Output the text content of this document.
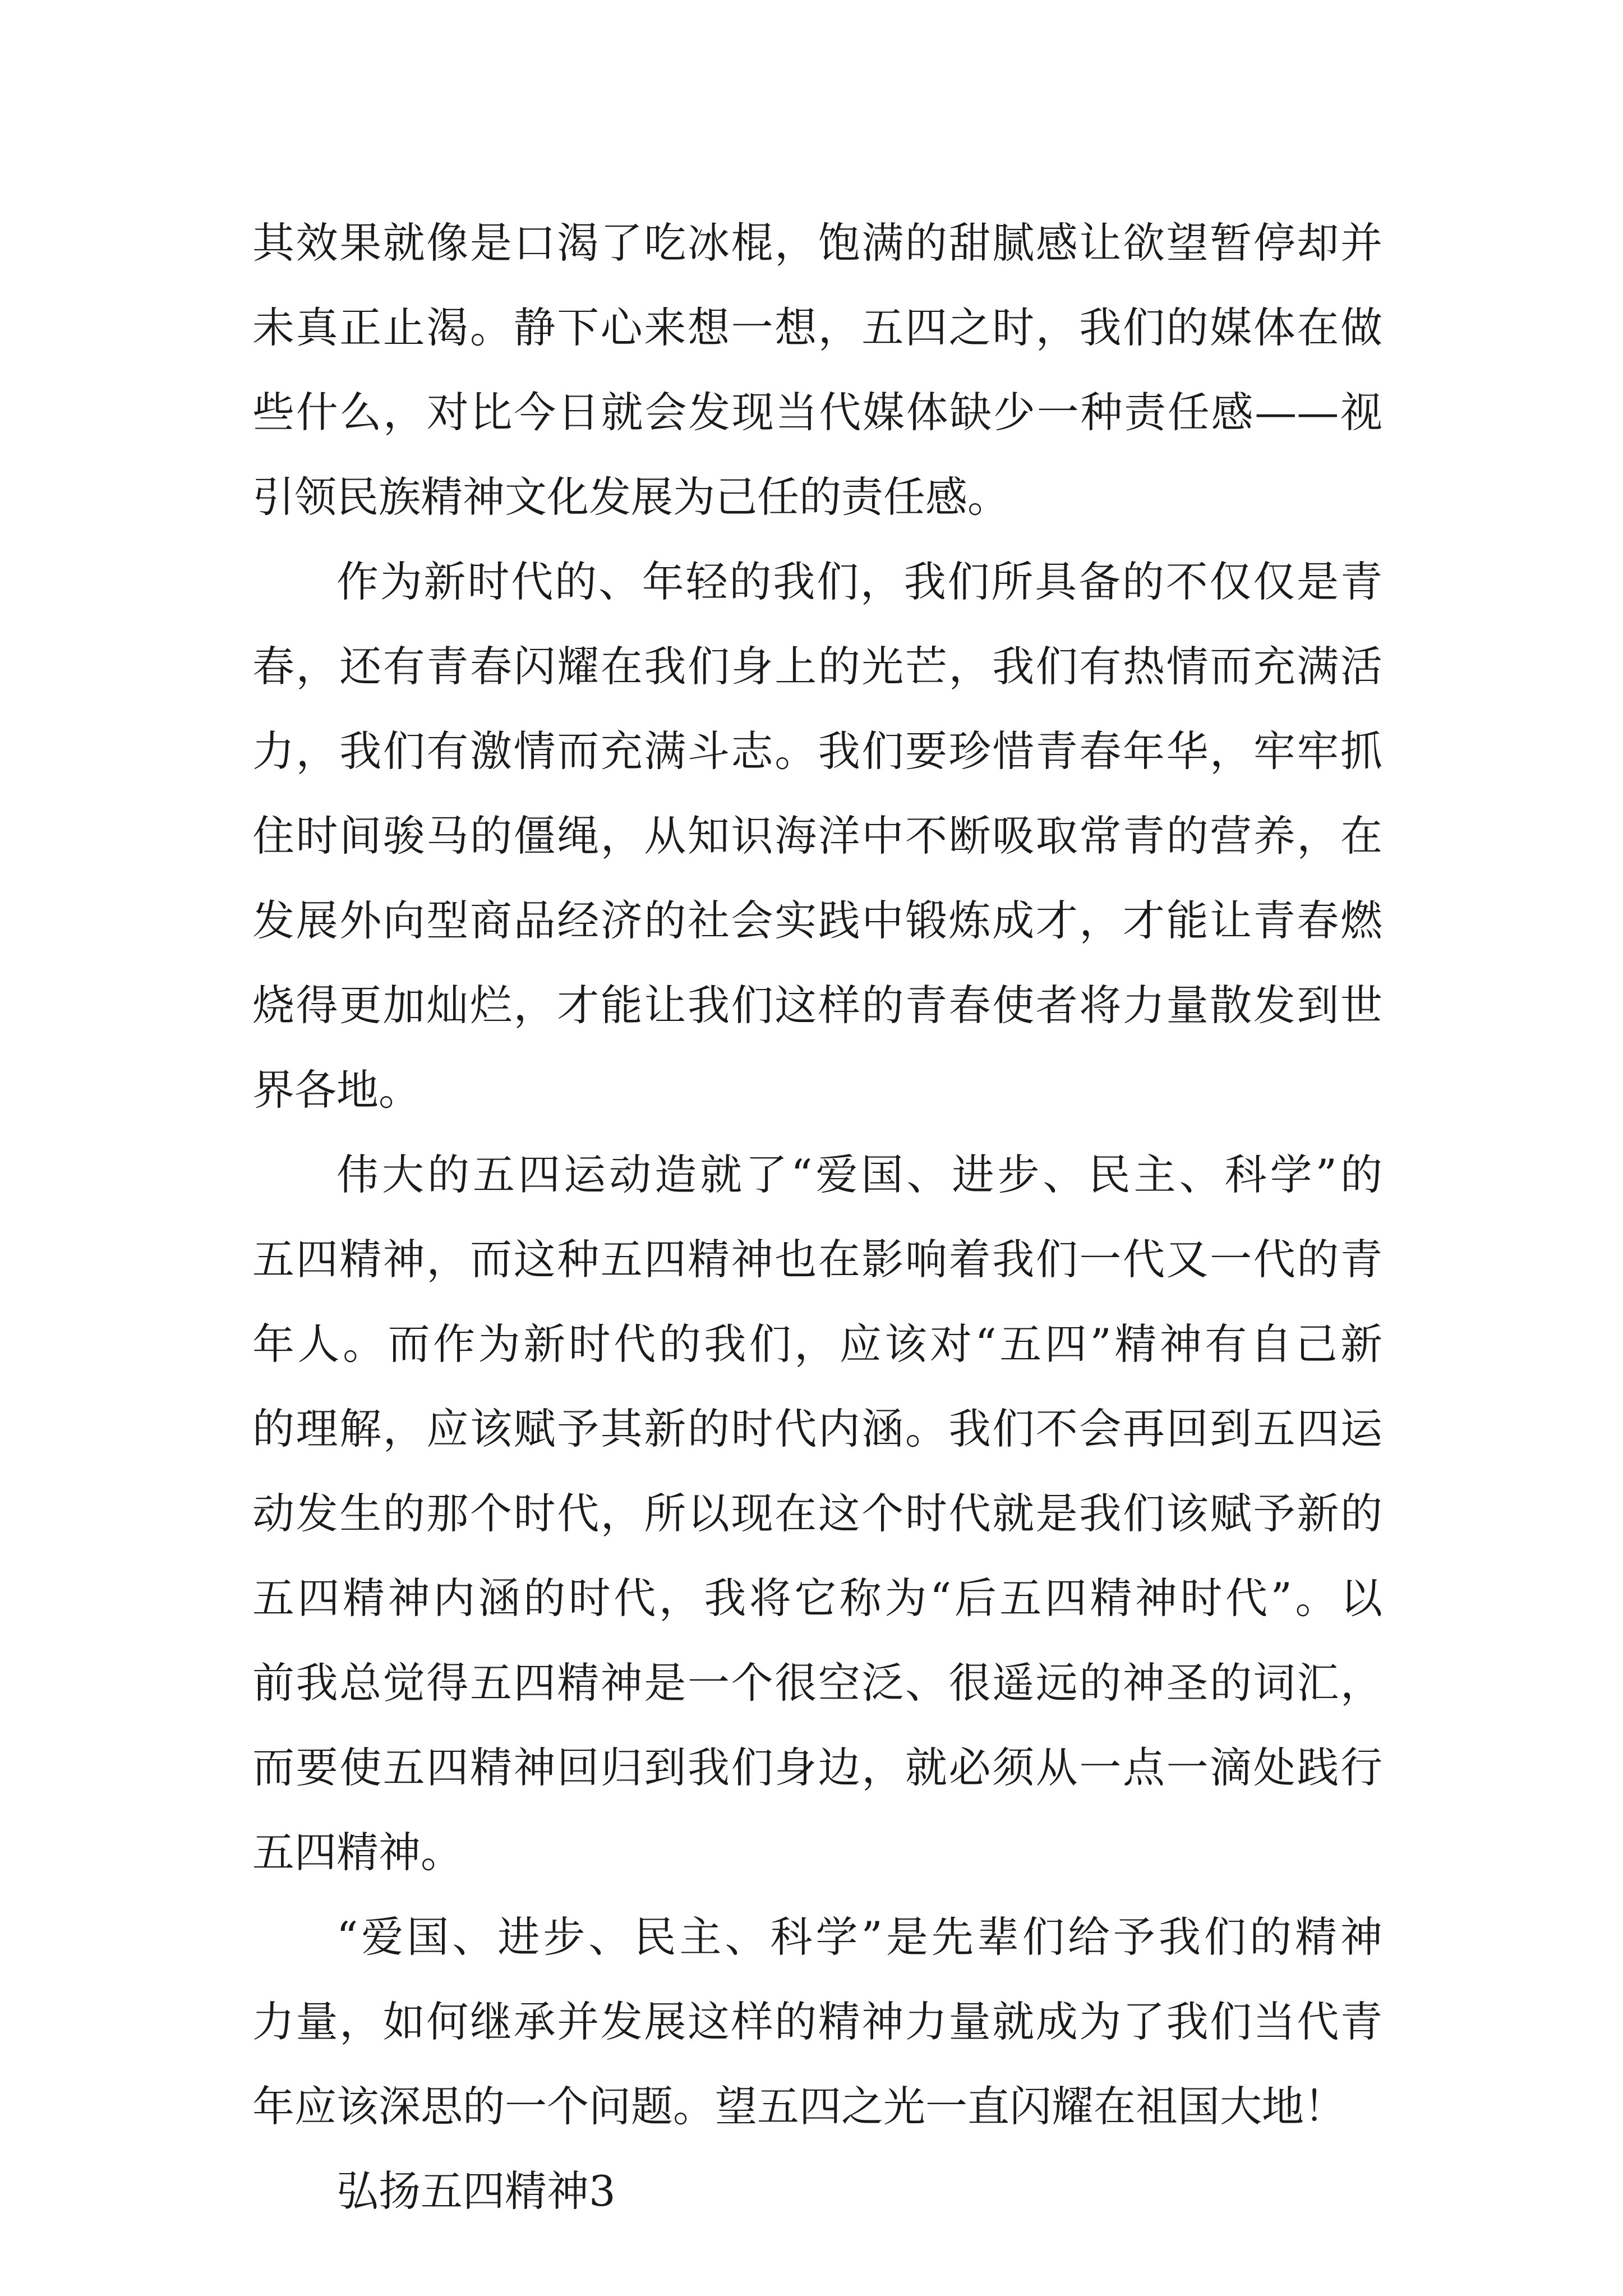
其效果就像是口渴了吃冰棍，饱满的甜腻感让欲望暂停却并
未真正止渴。静下心来想一想，五四之时，我们的媒体在做
些什么，对比今日就会发现当代媒体缺少一种责任感——视
引领民族精神文化发展为己任的责任感。
作为新时代的、年轻的我们，我们所具备的不仅仅是青
春，还有青春闪耀在我们身上的光芒，我们有热情而充满活
力，我们有激情而充满斗志。我们要珍惜青春年华，牢牢抓
住时间骏马的僵绳，从知识海洋中不断吸取常青的营养，在
发展外向型商品经济的社会实践中锻炼成才，才能让青春燃
烧得更加灿烂，才能让我们这样的青春使者将力量散发到世
界各地。
伟大的五四运动造就了“爱国、进步、民主、科学”的
五四精神，而这种五四精神也在影响着我们一代又一代的青
年人。而作为新时代的我们，应该对“五四”精神有自己新
的理解，应该赋予其新的时代内涵。我们不会再回到五四运
动发生的那个时代，所以现在这个时代就是我们该赋予新的
五四精神内涵的时代，我将它称为“后五四精神时代”。以
前我总觉得五四精神是一个很空泛、很遥远的神圣的词汇，
而要使五四精神回归到我们身边，就必须从一点一滴处践行
五四精神。
“爱国、进步、民主、科学”是先辈们给予我们的精神
力量，如何继承并发展这样的精神力量就成为了我们当代青
年应该深思的一个问题。望五四之光一直闪耀在祖国大地！
弘扬五四精神3
